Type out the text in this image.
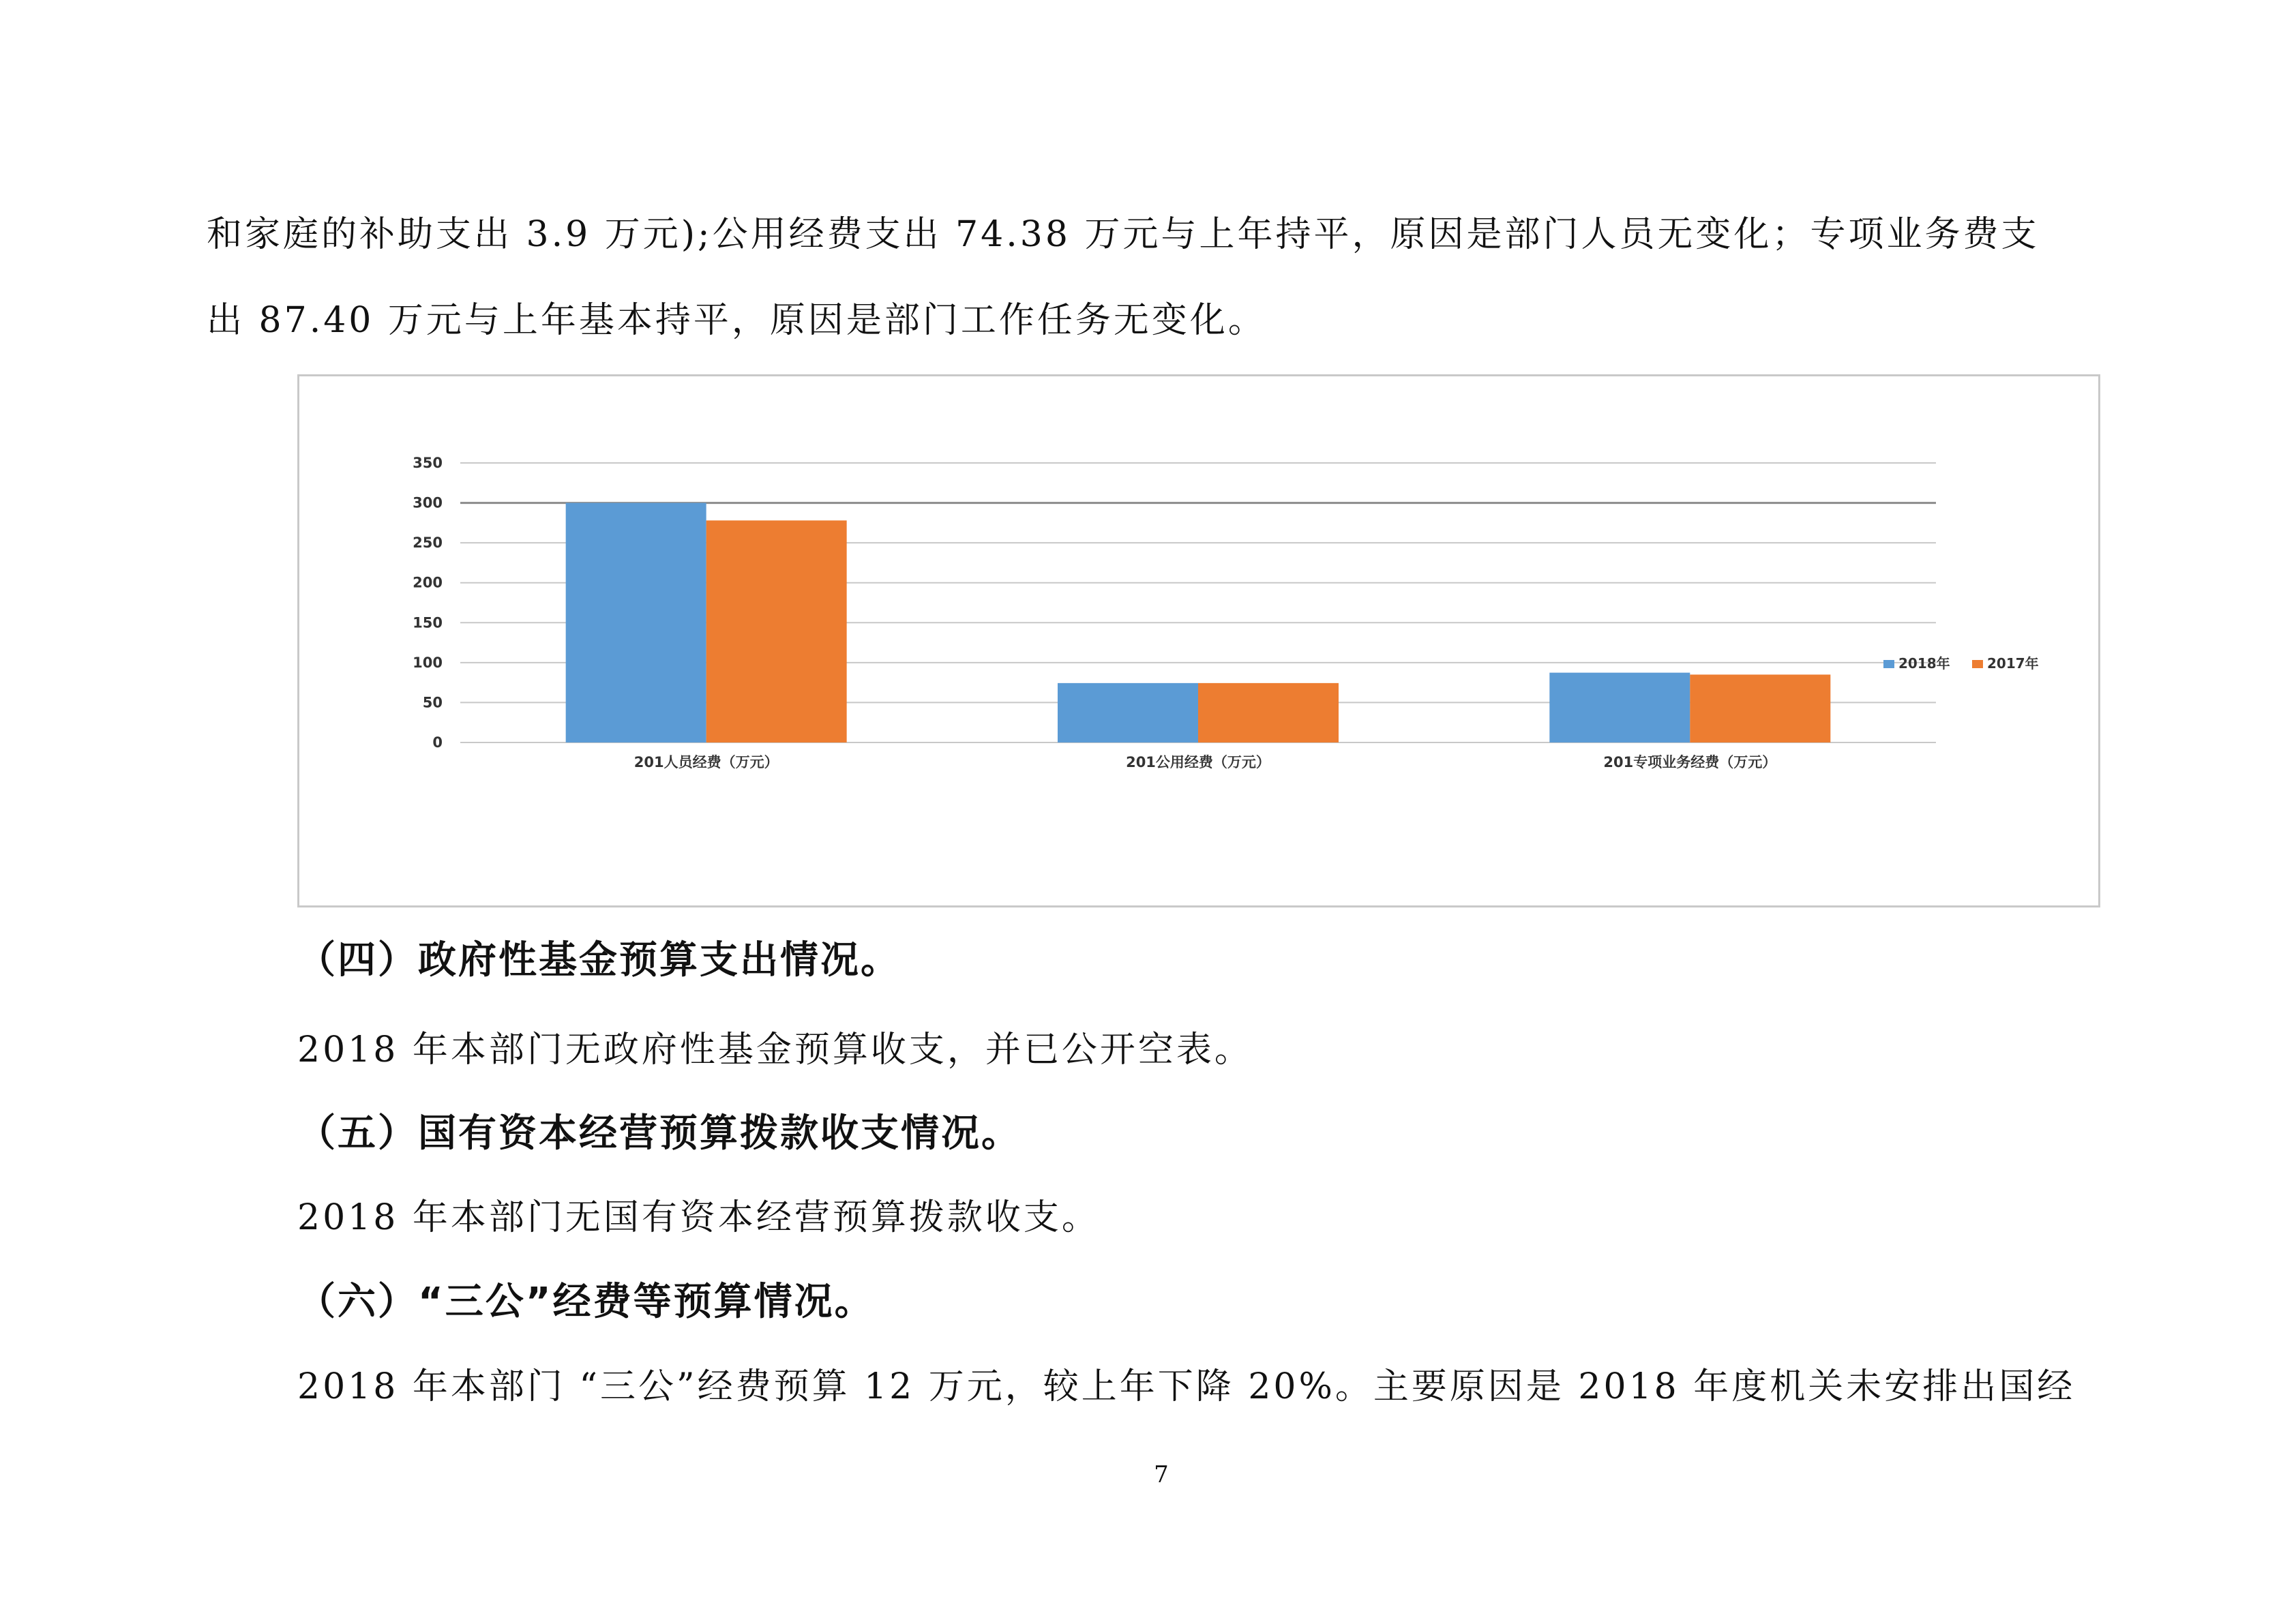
和家庭的补助支出 3.9 万元);公用经费支出 74.38 万元与上年持平，原因是部门人员无变化；专项业务费支
出 87.40 万元与上年基本持平，原因是部门工作任务无变化。
0
50
100
150
200
250
300
350
201人员经费（万元）	201公用经费（万元）	201专项业务经费（万元）
2018年	2017年
（四）政府性基金预算支出情况。
2018 年本部门无政府性基金预算收支，并已公开空表。
（五）国有资本经营预算拨款收支情况。
2018 年本部门无国有资本经营预算拨款收支。
（六）“三公”经费等预算情况。
2018 年本部门 “三公”经费预算 12 万元，较上年下降 20%。主要原因是 2018 年度机关未安排出国经
7
